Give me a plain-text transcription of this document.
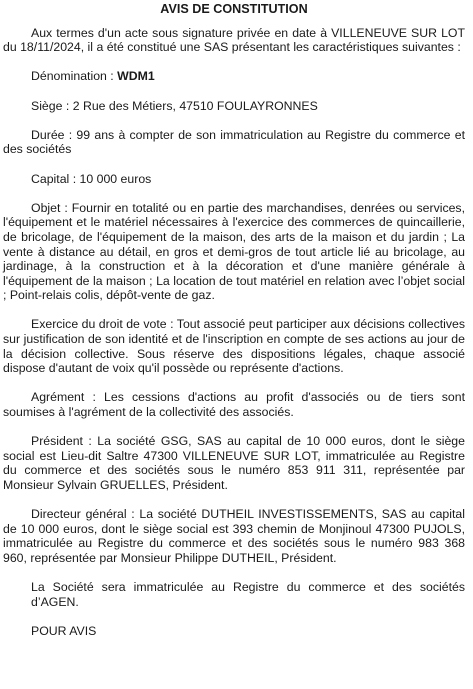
AVIS DE CONSTITUTION
Aux termes d'un acte sous signature privée en date à VILLENEUVE SUR LOT du 18/11/2024, il a été constitué une SAS présentant les caractéristiques suivantes :
Dénomination : WDM1
Siège : 2 Rue des Métiers, 47510 FOULAYRONNES
Durée : 99 ans à compter de son immatriculation au Registre du commerce et des sociétés
Capital : 10 000 euros
Objet : Fournir en totalité ou en partie des marchandises, denrées ou services, l'équipement et le matériel nécessaires à l'exercice des commerces de quincaillerie, de bricolage, de l'équipement de la maison, des arts de la maison et du jardin ; La vente à distance au détail, en gros et demi-gros de tout article lié au bricolage, au jardinage, à la construction et à la décoration et d'une manière générale à l'équipement de la maison ; La location de tout matériel en relation avec l’objet social ; Point-relais colis, dépôt-vente de gaz.
Exercice du droit de vote : Tout associé peut participer aux décisions collectives sur justification de son identité et de l'inscription en compte de ses actions au jour de la décision collective. Sous réserve des dispositions légales, chaque associé dispose d'autant de voix qu'il possède ou représente d'actions.
Agrément : Les cessions d'actions au profit d'associés ou de tiers sont soumises à l'agrément de la collectivité des associés.
Président : La société GSG, SAS au capital de 10 000 euros, dont le siège social est Lieu-dit Saltre 47300 VILLENEUVE SUR LOT, immatriculée au Registre du commerce et des sociétés sous le numéro 853 911 311, représentée par Monsieur Sylvain GRUELLES, Président.
Directeur général : La société DUTHEIL INVESTISSEMENTS, SAS au capital de 10 000 euros, dont le siège social est 393 chemin de Monjinoul 47300 PUJOLS, immatriculée au Registre du commerce et des sociétés sous le numéro 983 368 960, représentée par Monsieur Philippe DUTHEIL, Président.
La Société sera immatriculée au Registre du commerce et des sociétés d’AGEN.
POUR AVIS
